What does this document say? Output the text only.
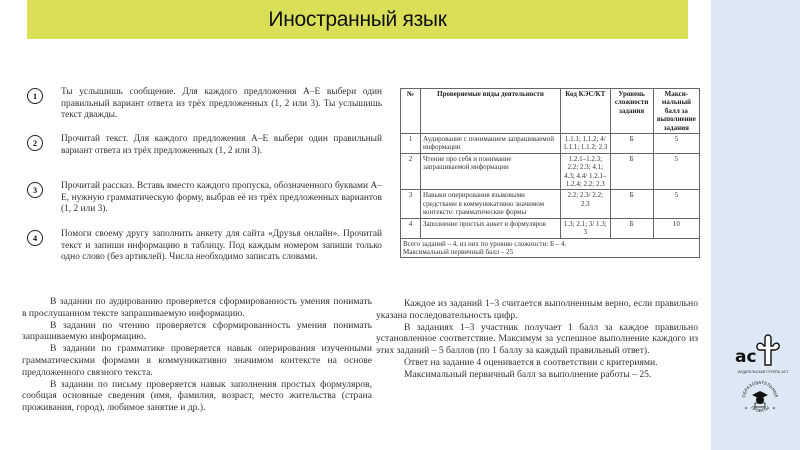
Иностранный язык
1	Ты услышишь сообщение. Для каждого предложения А–Е выбери один правильный вариант ответа из трёх предложенных (1, 2 или 3). Ты услышишь текст дважды.
2	Прочитай текст. Для каждого предложения А–Е выбери один правильный вариант ответа из трёх предложенных (1, 2 или 3).
3	Прочитай рассказ. Вставь вместо каждого пропуска, обозначенного буквами А–Е, нужную грамматическую форму, выбрав её из трёх предложенных вариантов (1, 2 или 3).
4	Помоги своему другу заполнить анкету для сайта «Друзья онлайн». Прочитай текст и запиши информацию в таблицу. Под каждым номером запиши только одно слово (без артиклей). Числа необходимо записать словами.
№	Проверяемые виды деятельности	Код КЭС/КТ	Уровень сложности задания	Макси-мальный балл за выполнение задания
1	Аудирование с пониманием запрашиваемой информации	1.1.1; 1.1.2; 4/ 1.1.1; 1.1.2; 2.3	Б	5
2	Чтение про себя и понимание запрашиваемой информации	1.2.1–1.2.3; 2.2; 2.3; 4.1; 4.3; 4.4/ 1.2.1–1.2.4; 2.2; 2.3	Б	5
3	Навыки оперирования языковыми средствами в коммуникативно значимом контексте: грамматические формы	2.2; 2.3/ 2.2; 2.3	Б	5
4	Заполнение простых анкет и формуляров	1.3; 2.1; 3/ 1.3; 3	Б	10

Всего заданий – 4, из них по уровню сложности: Б – 4.
Максимальный первичный балл – 25				

В задании по аудированию проверяется сформированность умения понимать в прослушанном тексте запрашиваемую информацию.

В задании по чтению проверяется сформированность умения понимать запрашиваемую информацию.

В задании по грамматике проверяется навык оперирования изученными грамматическими формами в коммуникативно значимом контексте на основе предложенного связного текста.

В задании по письму проверяется навык заполнения простых формуляров, сообщая основные сведения (имя, фамилия, возраст, место жительства (страна проживания, город), любимое занятие и др.).

Каждое из заданий 1–3 считается выполненным верно, если правильно указана последовательность цифр.

В заданиях 1–3 участник получает 1 балл за каждое правильно установленное соответствие. Максимум за успешное выполнение каждого из этих заданий – 5 баллов (по 1 баллу за каждый правильный ответ).

Ответ на задание 4 оценивается в соответствии с критериями.

Максимальный первичный балл за выполнение работы – 25.

ac
ИЗДАТЕЛЬСКАЯ ГРУППА АСТ
ОБРАЗОВАТЕЛЬНЫЕ
ПРОЕКТЫ
